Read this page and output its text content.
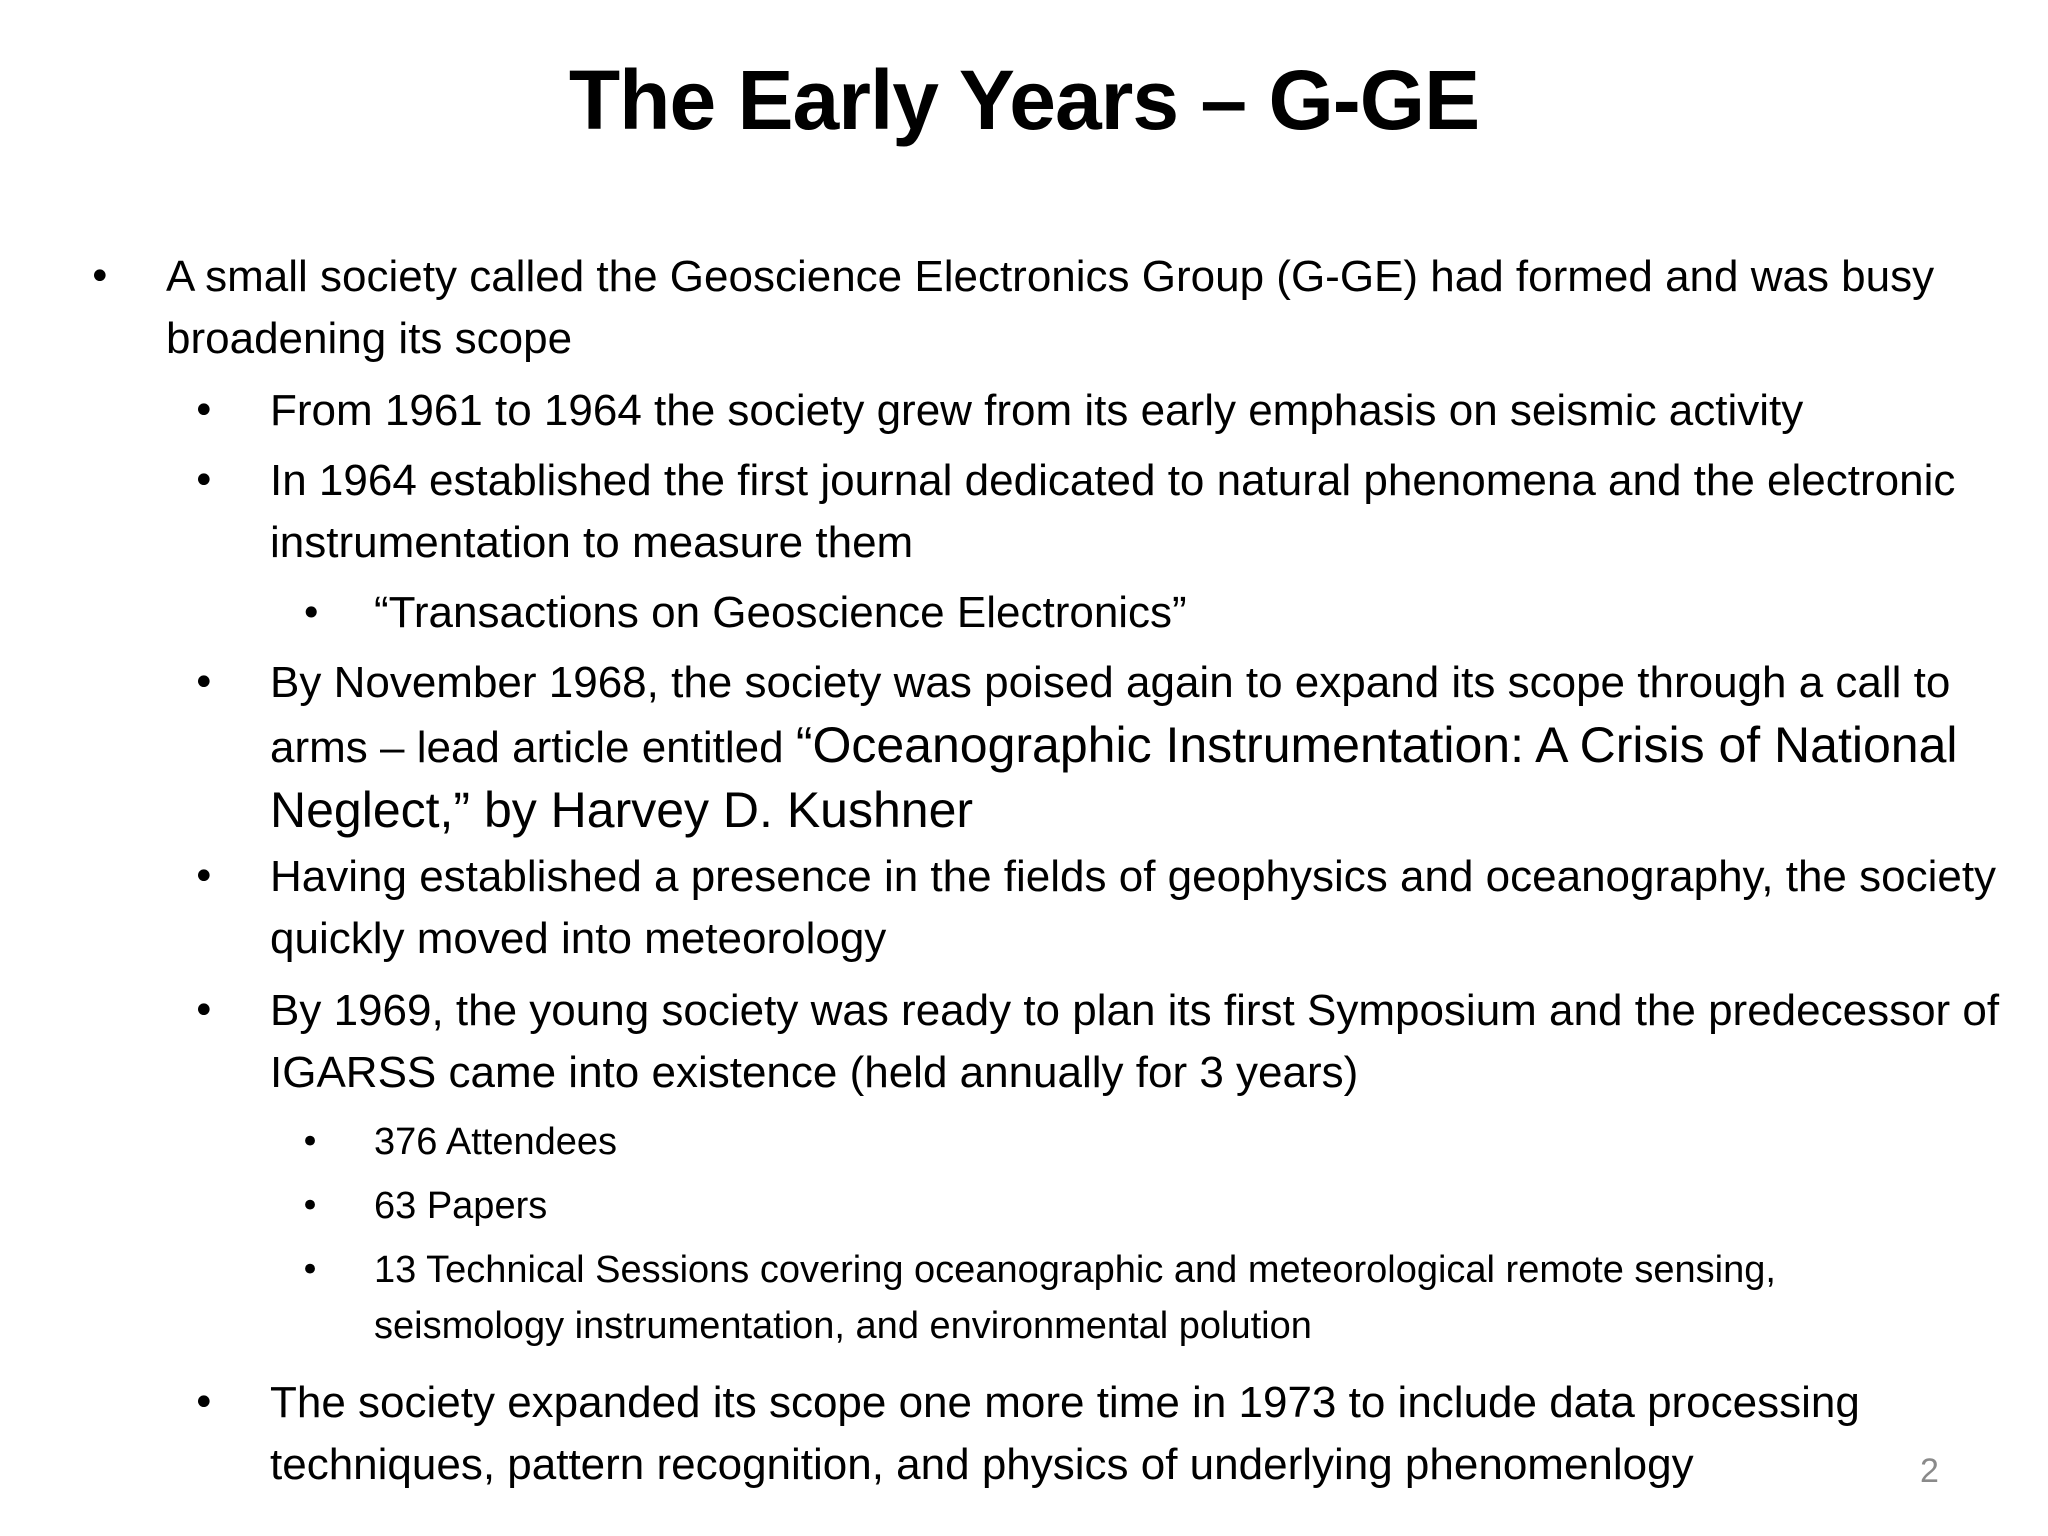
The Early Years – G-GE
• A small society called the Geoscience Electronics Group (G-GE) had formed and was busy broadening its scope
• From 1961 to 1964 the society grew from its early emphasis on seismic activity
• In 1964 established the first journal dedicated to natural phenomena and the electronic instrumentation to measure them
• “Transactions on Geoscience Electronics”
• By November 1968, the society was poised again to expand its scope through a call to arms – lead article entitled “Oceanographic Instrumentation: A Crisis of National Neglect,” by Harvey D. Kushner
• Having established a presence in the fields of geophysics and oceanography, the society quickly moved into meteorology
• By 1969, the young society was ready to plan its first Symposium and the predecessor of IGARSS came into existence (held annually for 3 years)
• 376 Attendees
• 63 Papers
• 13 Technical Sessions covering oceanographic and meteorological remote sensing, seismology instrumentation, and environmental polution
• The society expanded its scope one more time in 1973 to include data processing techniques, pattern recognition, and physics of underlying phenomenlogy	2
